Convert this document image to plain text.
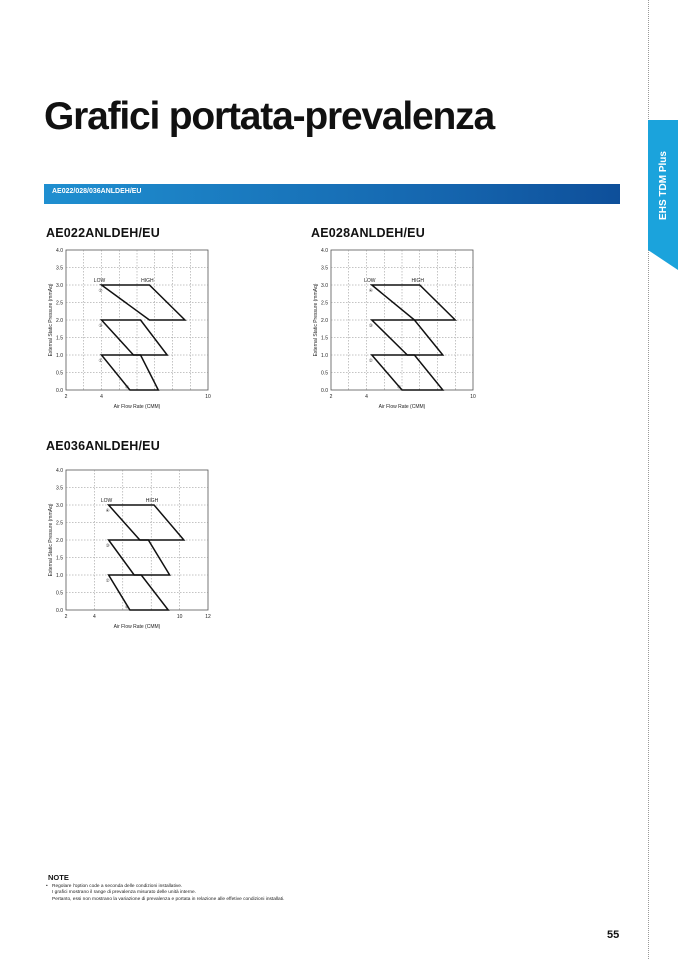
Grafici portata-prevalenza
AE022/028/036ANLDEH/EU	EHS TDM Plus
AE022ANLDEH/EU
0.0
0.5
1.0
1.5
2.0
2.5
3.0
3.5
4.0
2	4	10
Air Flow Rate (CMM)
External Static Pressure (mmAq)	②
③
①
①
LOW	HIGH
AE028ANLDEH/EU
0.0
0.5
1.0
1.5
2.0
2.5
3.0
3.5
4.0
2	4	10
Air Flow Rate (CMM)
External Static Pressure (mmAq)	④
③
②
①
LOW	HIGH
AE036ANLDEH/EU
0.0
0.5
1.0
1.5
2.0
2.5
3.0
3.5
4.0
2	4	10	12
Air Flow Rate (CMM)
External Static Pressure (mmAq)	④
③
②
①
LOW	HIGH

NOTE

• Regolare l'option code a seconda delle condizioni installative.

I grafici mostrano il range di prevalenza misurato delle unità interne.

Pertanto, essi non mostrano la variazione di prevalenza e portata in relazione alle effetive condizioni installati.

55
